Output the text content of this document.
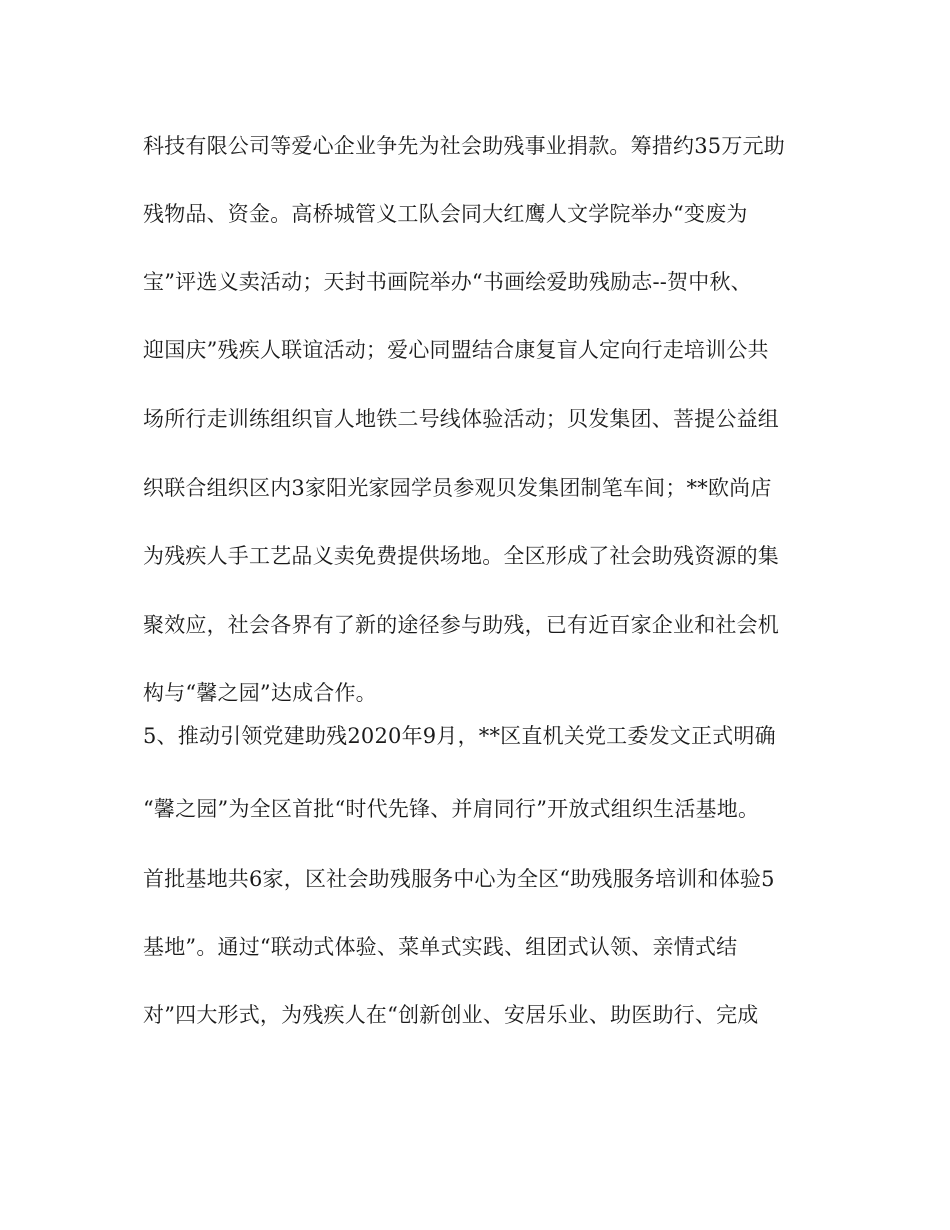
科技有限公司等爱心企业争先为社会助残事业捐款。筹措约35万元助
残物品、资金。高桥城管义工队会同大红鹰人文学院举办“变废为
宝”评选义卖活动；天封书画院举办“书画绘爱助残励志--贺中秋、
迎国庆”残疾人联谊活动；爱心同盟结合康复盲人定向行走培训公共
场所行走训练组织盲人地铁二号线体验活动；贝发集团、菩提公益组
织联合组织区内3家阳光家园学员参观贝发集团制笔车间；**欧尚店
为残疾人手工艺品义卖免费提供场地。全区形成了社会助残资源的集
聚效应，社会各界有了新的途径参与助残，已有近百家企业和社会机
构与“馨之园”达成合作。
5、推动引领党建助残2020年9月，**区直机关党工委发文正式明确
“馨之园”为全区首批“时代先锋、并肩同行”开放式组织生活基地。
首批基地共6家，区社会助残服务中心为全区“助残服务培训和体验5
基地”。通过“联动式体验、菜单式实践、组团式认领、亲情式结
对”四大形式，为残疾人在“创新创业、安居乐业、助医助行、完成
